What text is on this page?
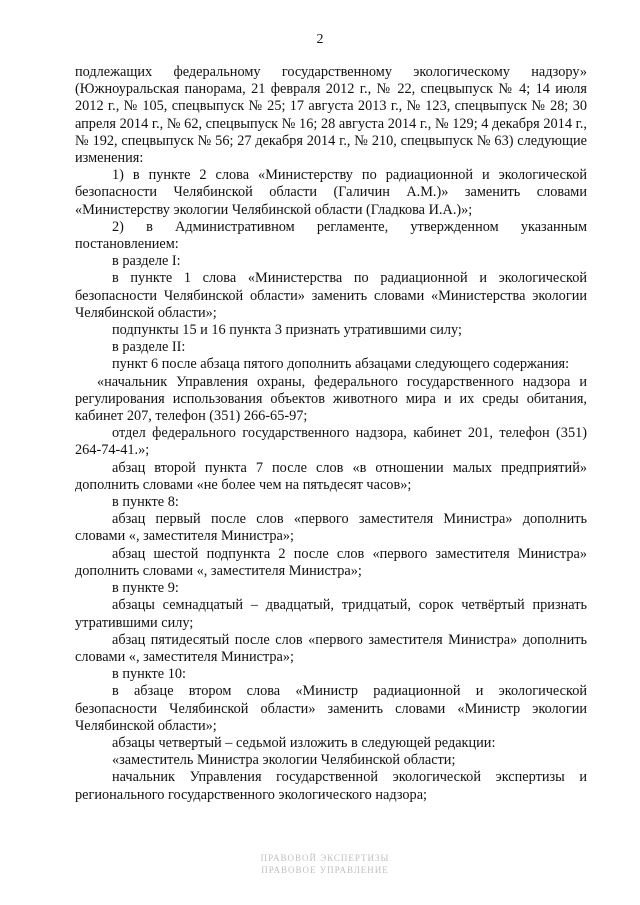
2

подлежащих федеральному государственному экологическому надзору» (Южноуральская панорама, 21 февраля 2012 г., № 22, спецвыпуск № 4; 14 июля 2012 г., № 105, спецвыпуск № 25; 17 августа 2013 г., № 123, спецвыпуск № 28; 30 апреля 2014 г., № 62, спецвыпуск № 16; 28 августа 2014 г., № 129; 4 декабря 2014 г., № 192, спецвыпуск № 56; 27 декабря 2014 г., № 210, спецвыпуск № 63) следующие изменения:

1) в пункте 2 слова «Министерству по радиационной и экологической безопасности Челябинской области (Галичин А.М.)» заменить словами «Министерству экологии Челябинской области (Гладкова И.А.)»;

2) в Административном регламенте, утвержденном указанным постановлением:

в разделе I:

в пункте 1 слова «Министерства по радиационной и экологической безопасности Челябинской области» заменить словами «Министерства экологии Челябинской области»;

подпункты 15 и 16 пункта 3 признать утратившими силу;

в разделе II:

пункт 6 после абзаца пятого дополнить абзацами следующего содержания:

«начальник Управления охраны, федерального государственного надзора и регулирования использования объектов животного мира и их среды обитания, кабинет 207, телефон (351) 266-65-97;

отдел федерального государственного надзора, кабинет 201, телефон (351) 264-74-41.»;

абзац второй пункта 7 после слов «в отношении малых предприятий» дополнить словами «не более чем на пятьдесят часов»;

в пункте 8:

абзац первый после слов «первого заместителя Министра» дополнить словами «, заместителя Министра»;

абзац шестой подпункта 2 после слов «первого заместителя Министра» дополнить словами «, заместителя Министра»;

в пункте 9:

абзацы семнадцатый – двадцатый, тридцатый, сорок четвёртый признать утратившими силу;

абзац пятидесятый после слов «первого заместителя Министра» дополнить словами «, заместителя Министра»;

в пункте 10:

в абзаце втором слова «Министр радиационной и экологической безопасности Челябинской области» заменить словами «Министр экологии Челябинской области»;

абзацы четвертый – седьмой изложить в следующей редакции:

«заместитель Министра экологии Челябинской области;

начальник Управления государственной экологической экспертизы и регионального государственного экологического надзора;

ПРАВОВОЙ ЭКСПЕРТИЗЫ
ПРАВОВОЕ УПРАВЛЕНИЕ
